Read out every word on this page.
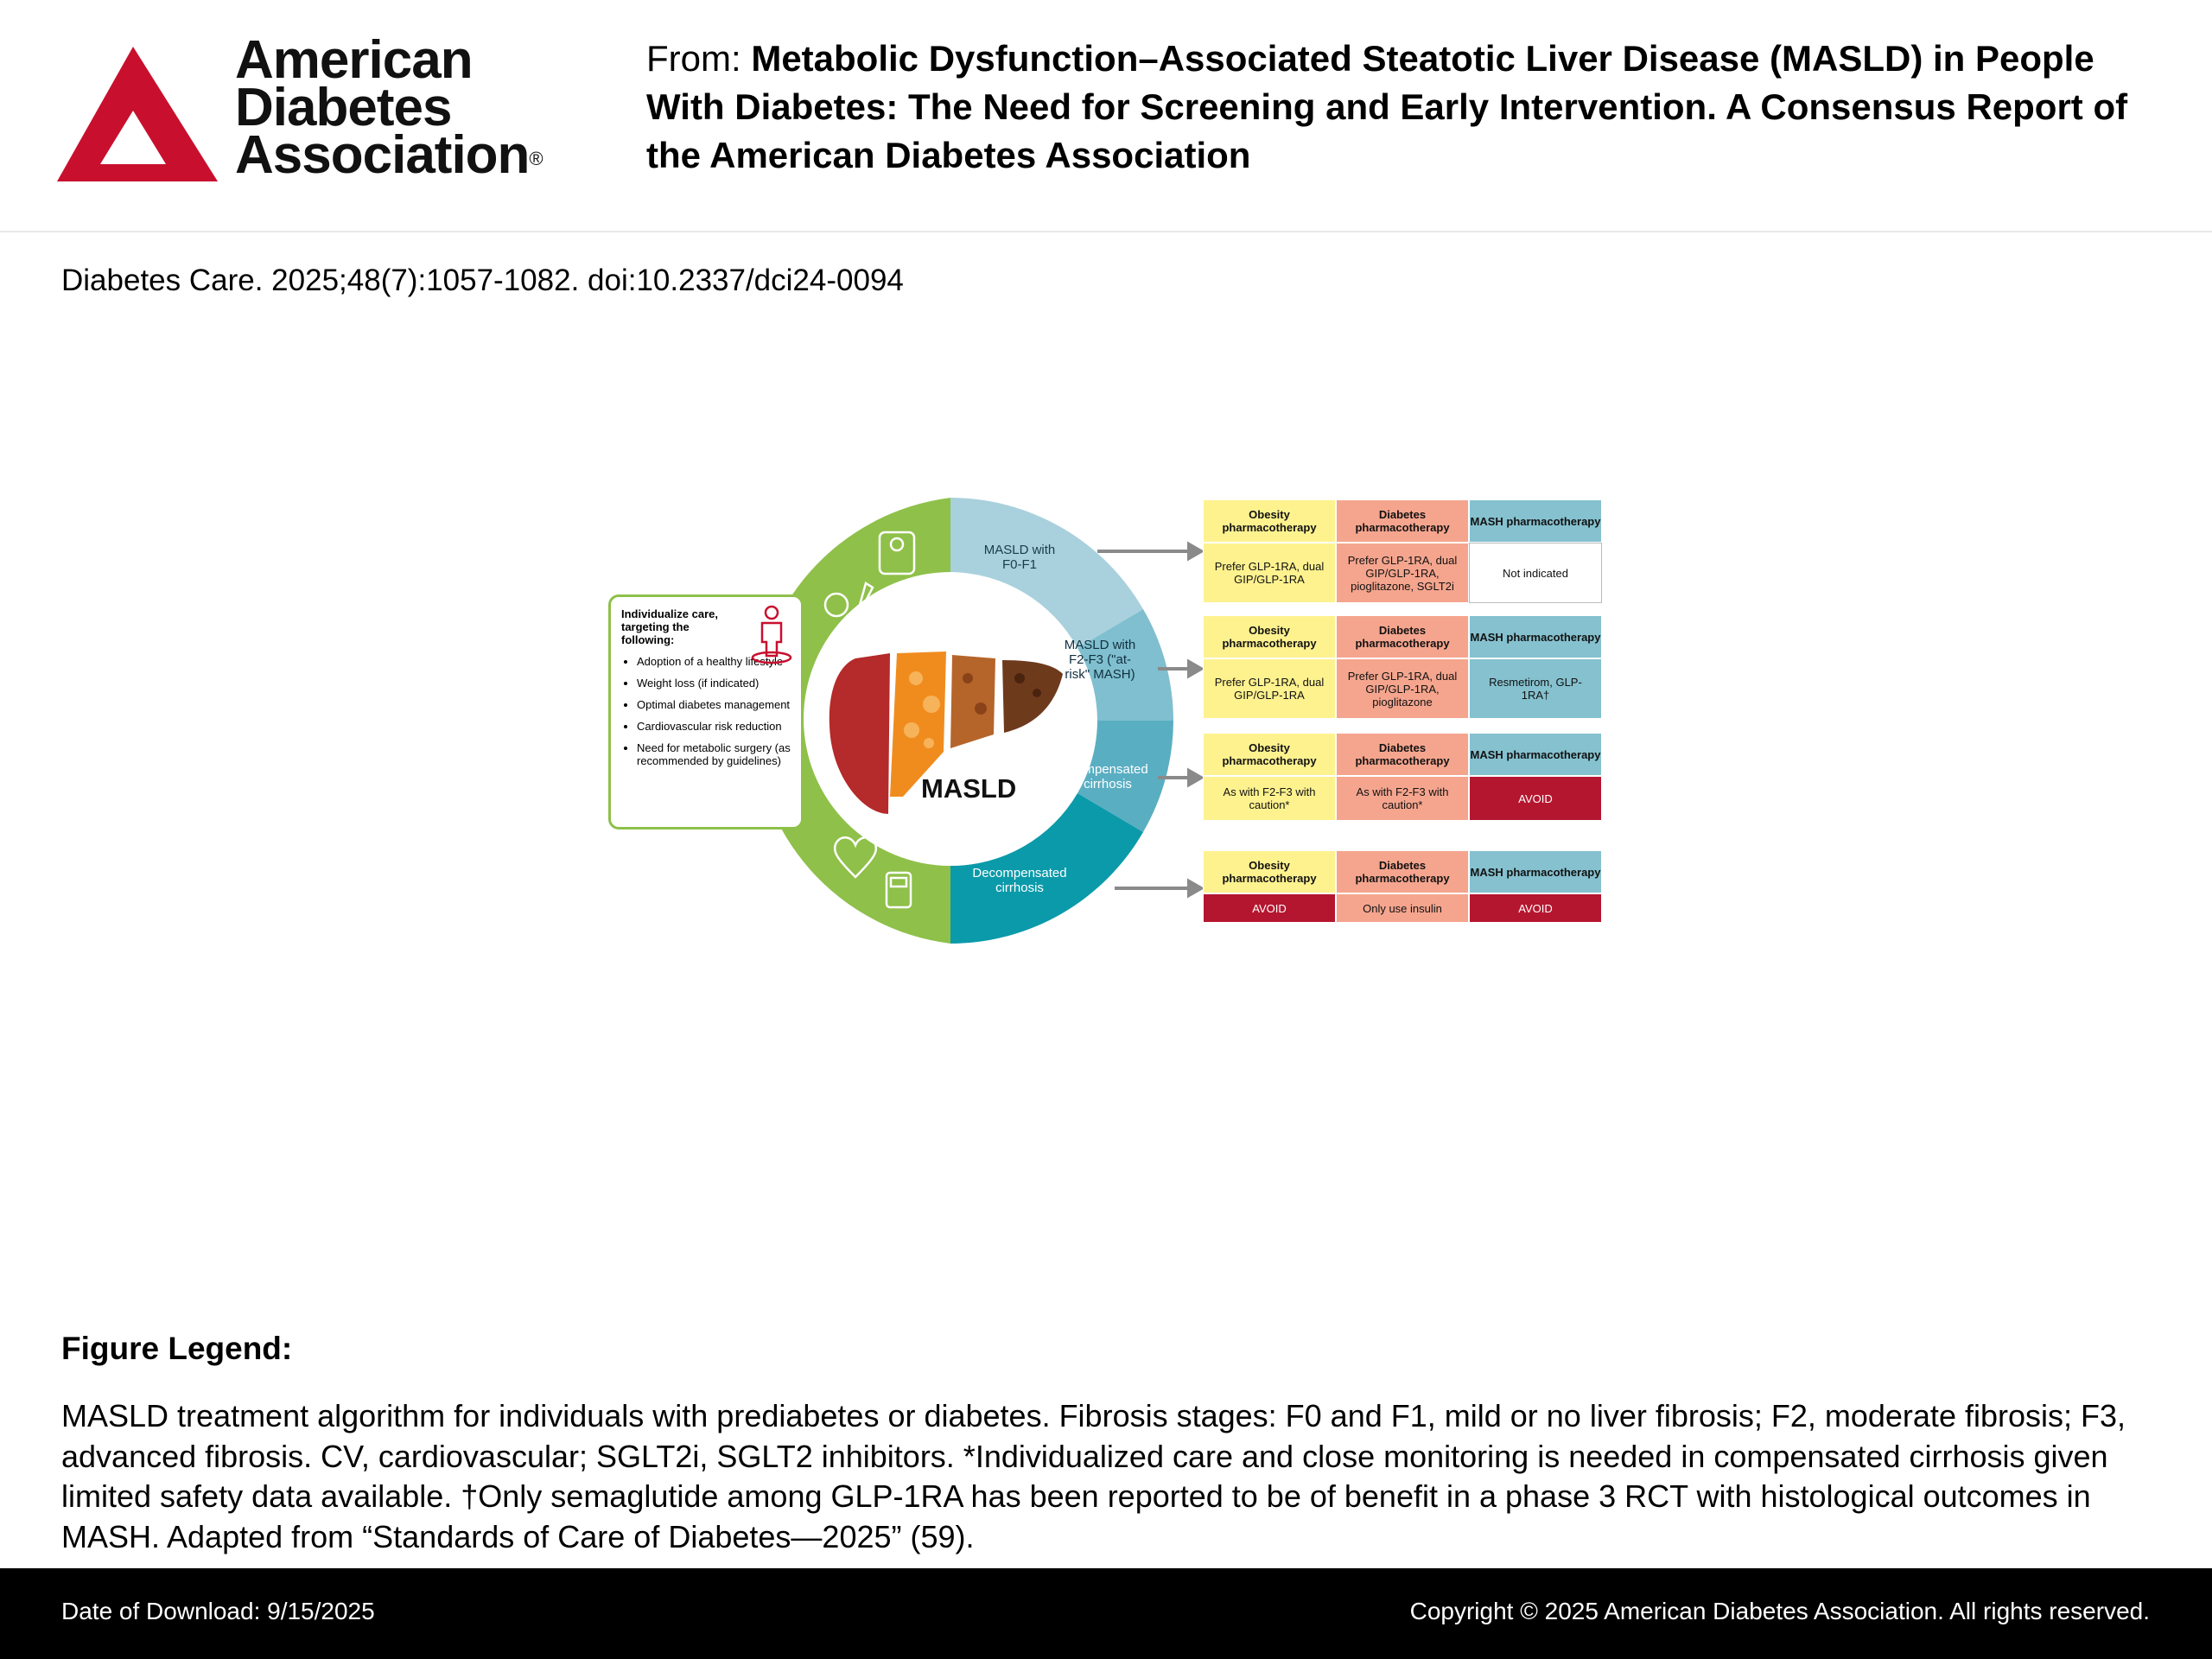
American
Diabetes
Association®
From: Metabolic Dysfunction–Associated Steatotic Liver Disease (MASLD) in People With Diabetes: The Need for Screening and Early Intervention. A Consensus Report of the American Diabetes Association
Diabetes Care. 2025;48(7):1057-1082. doi:10.2337/dci24-0094
MASLD
MASLD with F0-F1
MASLD with F2-F3 ("at-risk" MASH)
Compensated cirrhosis
Decompensated cirrhosis
Individualize care, targeting the following:
• Adoption of a healthy lifestyle
• Weight loss (if indicated)
• Optimal diabetes management
• Cardiovascular risk reduction
• Need for metabolic surgery (as recommended by guidelines)
Obesity pharmacotherapy
Prefer GLP-1RA, dual GIP/GLP-1RA
Diabetes pharmacotherapy
Prefer GLP-1RA, dual GIP/GLP-1RA, pioglitazone, SGLT2i
MASH pharmacotherapy
Not indicated
Obesity pharmacotherapy
Prefer GLP-1RA, dual GIP/GLP-1RA
Diabetes pharmacotherapy
Prefer GLP-1RA, dual GIP/GLP-1RA, pioglitazone
MASH pharmacotherapy
Resmetirom, GLP-1RA†
Obesity pharmacotherapy
As with F2-F3 with caution*
Diabetes pharmacotherapy
As with F2-F3 with caution*
MASH pharmacotherapy
AVOID
Obesity pharmacotherapy
AVOID
Diabetes pharmacotherapy
Only use insulin
MASH pharmacotherapy
AVOID
Figure Legend:
MASLD treatment algorithm for individuals with prediabetes or diabetes. Fibrosis stages: F0 and F1, mild or no liver fibrosis; F2, moderate fibrosis; F3, advanced fibrosis. CV, cardiovascular; SGLT2i, SGLT2 inhibitors. *Individualized care and close monitoring is needed in compensated cirrhosis given limited safety data available. †Only semaglutide among GLP-1RA has been reported to be of benefit in a phase 3 RCT with histological outcomes in MASH. Adapted from “Standards of Care of Diabetes—2025” (59).
Date of Download: 9/15/2025	Copyright © 2025 American Diabetes Association. All rights reserved.
